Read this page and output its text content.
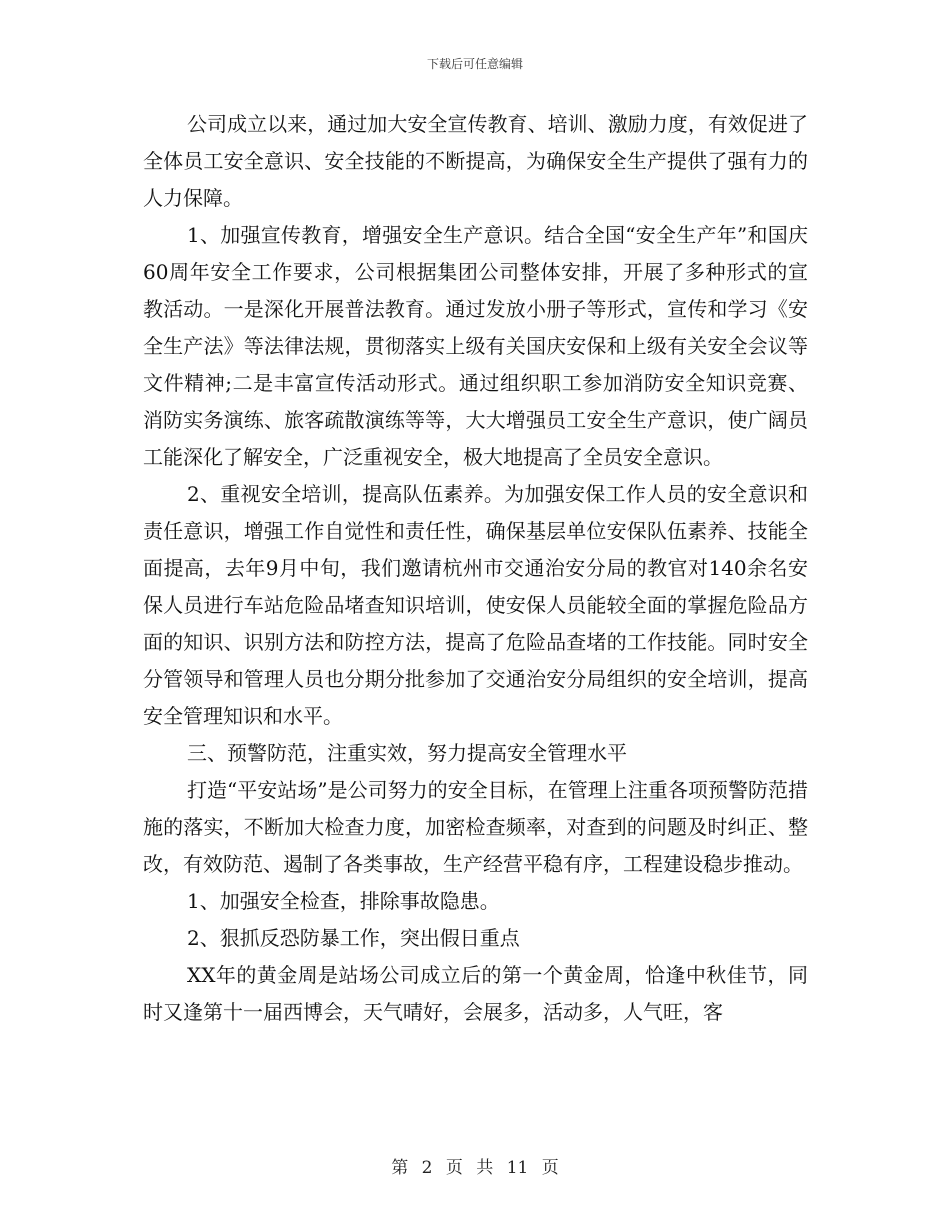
下载后可任意编辑

公司成立以来，通过加大安全宣传教育、培训、激励力度，有效促进了全体员工安全意识、安全技能的不断提高，为确保安全生产提供了强有力的人力保障。

1、加强宣传教育，增强安全生产意识。结合全国“安全生产年”和国庆60周年安全工作要求，公司根据集团公司整体安排，开展了多种形式的宣教活动。一是深化开展普法教育。通过发放小册子等形式，宣传和学习《安全生产法》等法律法规，贯彻落实上级有关国庆安保和上级有关安全会议等文件精神;二是丰富宣传活动形式。通过组织职工参加消防安全知识竞赛、消防实务演练、旅客疏散演练等等，大大增强员工安全生产意识，使广阔员工能深化了解安全，广泛重视安全，极大地提高了全员安全意识。

2、重视安全培训，提高队伍素养。为加强安保工作人员的安全意识和责任意识，增强工作自觉性和责任性，确保基层单位安保队伍素养、技能全面提高，去年9月中旬，我们邀请杭州市交通治安分局的教官对140余名安保人员进行车站危险品堵查知识培训，使安保人员能较全面的掌握危险品方面的知识、识别方法和防控方法，提高了危险品查堵的工作技能。同时安全分管领导和管理人员也分期分批参加了交通治安分局组织的安全培训，提高安全管理知识和水平。

三、预警防范，注重实效，努力提高安全管理水平

打造“平安站场”是公司努力的安全目标，在管理上注重各项预警防范措施的落实，不断加大检查力度，加密检查频率，对查到的问题及时纠正、整改，有效防范、遏制了各类事故，生产经营平稳有序，工程建设稳步推动。

1、加强安全检查，排除事故隐患。

2、狠抓反恐防暴工作，突出假日重点

XX年的黄金周是站场公司成立后的第一个黄金周，恰逢中秋佳节，同时又逢第十一届西博会，天气晴好，会展多，活动多，人气旺，客

第 2 页 共 11 页
